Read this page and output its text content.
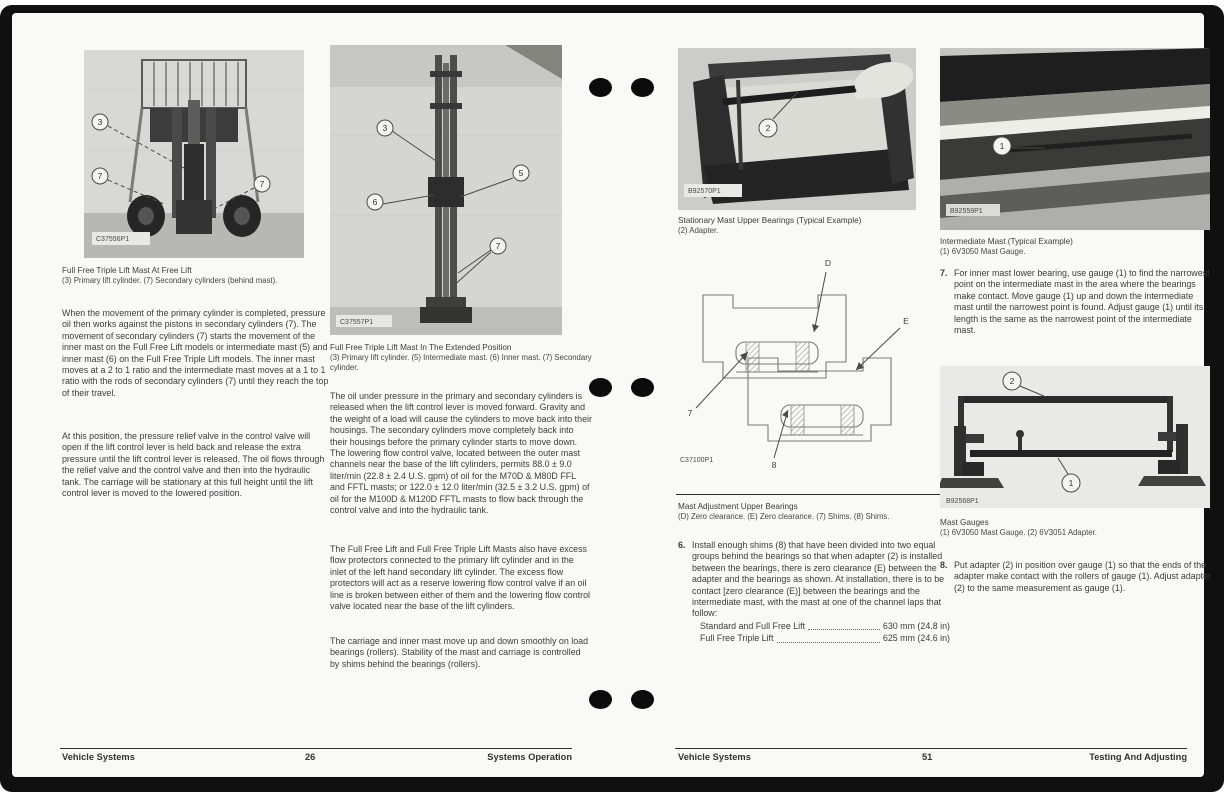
3
7
7
C37556P1
Full Free Triple Lift Mast At Free Lift
(3) Primary lift cylinder. (7) Secondary cylinders (behind mast).
When the movement of the primary cylinder is completed, pressure oil then works against the pistons in secondary cylinders (7). The movement of secondary cylinders (7) starts the movement of the inner mast on the Full Free Lift models or intermediate mast (5) and inner mast (6) on the Full Free Triple Lift models. The inner mast moves at a 2 to 1 ratio and the intermediate mast moves at a 1 to 1 ratio with the rods of secondary cylinders (7) until they reach the top of their travel.
At this position, the pressure relief valve in the control valve will open if the lift control lever is held back and release the extra pressure until the lift control lever is released. The oil flows through the relief valve and the control valve and then into the hydraulic tank. The carriage will be stationary at this full height until the lift control lever is moved to the lowered position.
3
6
5
7
C37557P1
Full Free Triple Lift Mast In The Extended Position
(3) Primary lift cylinder. (5) Intermediate mast. (6) Inner mast. (7) Secondary cylinder.
The oil under pressure in the primary and secondary cylinders is released when the lift control lever is moved forward. Gravity and the weight of a load will cause the cylinders to move back into their housings. The secondary cylinders move completely back into their housings before the primary cylinder starts to move down. The lowering flow control valve, located between the outer mast channels near the base of the lift cylinders, permits 88.0 ± 9.0 liter/min (22.8 ± 2.4 U.S. gpm) of oil for the M70D & M80D FFL and FFTL masts; or 122.0 ± 12.0 liter/min (32.5 ± 3.2 U.S. gpm) of oil for the M100D & M120D FFTL masts to flow back through the control valve and into the hydraulic tank.
The Full Free Lift and Full Free Triple Lift Masts also have excess flow protectors connected to the primary lift cylinder and in the inlet of the left hand secondary lift cylinder. The excess flow protectors will act as a reserve lowering flow control valve if an oil line is broken between either of them and the lowering flow control valve located near the base of the lift cylinders.
The carriage and inner mast move up and down smoothly on load bearings (rollers). Stability of the mast and carriage is controlled by shims behind the bearings (rollers).
Vehicle Systems	26	Systems Operation
2
B92570P1
Stationary Mast Upper Bearings (Typical Example)
(2) Adapter.
D
E
7
8
C37100P1
Mast Adjustment Upper Bearings
(D) Zero clearance. (E) Zero clearance. (7) Shims. (8) Shims.
6. Install enough shims (8) that have been divided into two equal groups behind the bearings so that when adapter (2) is installed between the bearings, there is zero clearance (E) between the adapter and the bearings as shown. At installation, there is to be contact [zero clearance (E)] between the bearings and the intermediate mast, with the mast at one of the channel laps that follow:
Standard and Full Free Lift	630 mm (24.8 in)
Full Free Triple Lift	625 mm (24.6 in)
1
B92559P1
Intermediate Mast (Typical Example)
(1) 6V3050 Mast Gauge.
7. For inner mast lower bearing, use gauge (1) to find the narrowest point on the intermediate mast in the area where the bearings make contact. Move gauge (1) up and down the intermediate mast until the narrowest point is found. Adjust gauge (1) until its length is the same as the narrowest point of the intermediate mast.
2
1
B92568P1
Mast Gauges
(1) 6V3050 Mast Gauge. (2) 6V3051 Adapter.
8. Put adapter (2) in position over gauge (1) so that the ends of the adapter make contact with the rollers of gauge (1). Adjust adapter (2) to the same measurement as gauge (1).
Vehicle Systems	51	Testing And Adjusting
